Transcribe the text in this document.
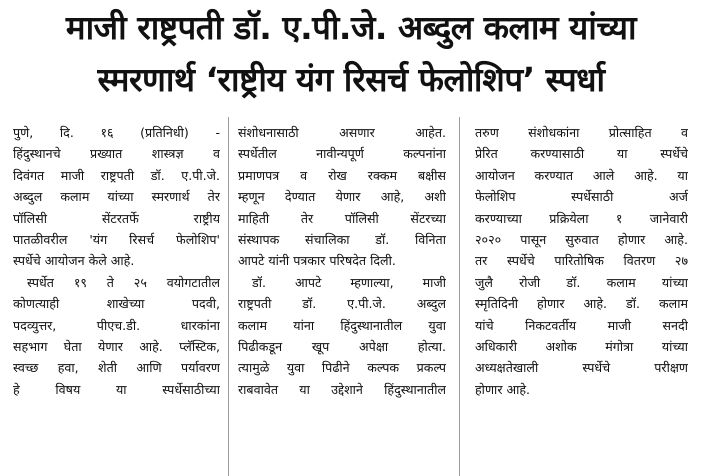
माजी राष्ट्रपती डॉ. ए.पी.जे. अब्दुल कलाम यांच्या
स्मरणार्थ ‘राष्ट्रीय यंग रिसर्च फेलोशिप’ स्पर्धा
पुणे, दि. १६ (प्रतिनिधी) -
हिंदुस्थानचे प्रख्यात शास्त्रज्ञ व
दिवंगत माजी राष्ट्रपती डॉ. ए.पी.जे.
अब्दुल कलाम यांच्या स्मरणार्थ तेर
पॉलिसी सेंटरतर्फे राष्ट्रीय
पातळीवरील 'यंग रिसर्च फेलोशिप'
स्पर्धेचे आयोजन केले आहे.
स्पर्धेत १९ ते २५ वयोगटातील
कोणत्याही शाखेच्या पदवी,
पदव्युत्तर, पीएच.डी. धारकांना
सहभाग घेता येणार आहे. प्लॅस्टिक,
स्वच्छ हवा, शेती आणि पर्यावरण
हे विषय या स्पर्धेसाठीच्या
संशोधनासाठी असणार आहेत.
स्पर्धेतील नावीन्यपूर्ण कल्पनांना
प्रमाणपत्र व रोख रक्कम बक्षीस
म्हणून देण्यात येणार आहे, अशी
माहिती तेर पॉलिसी सेंटरच्या
संस्थापक संचालिका डॉ. विनिता
आपटे यांनी पत्रकार परिषदेत दिली.
डॉ. आपटे म्हणाल्या, माजी
राष्ट्रपती डॉ. ए.पी.जे. अब्दुल
कलाम यांना हिंदुस्थानातील युवा
पिढीकडून खूप अपेक्षा होत्या.
त्यामुळे युवा पिढीने कल्पक प्रकल्प
राबवावेत या उद्देशाने हिंदुस्थानातील
तरुण संशोधकांना प्रोत्साहित व
प्रेरित करण्यासाठी या स्पर्धेचे
आयोजन करण्यात आले आहे. या
फेलोशिप स्पर्धेसाठी अर्ज
करण्याच्या प्रक्रियेला १ जानेवारी
२०२० पासून सुरुवात होणार आहे.
तर स्पर्धेचे पारितोषिक वितरण २७
जुलै रोजी डॉ. कलाम यांच्या
स्मृतिदिनी होणार आहे. डॉ. कलाम
यांचे निकटवर्तीय माजी सनदी
अधिकारी अशोक मंगोत्रा यांच्या
अध्यक्षतेखाली स्पर्धेचे परीक्षण
होणार आहे.
